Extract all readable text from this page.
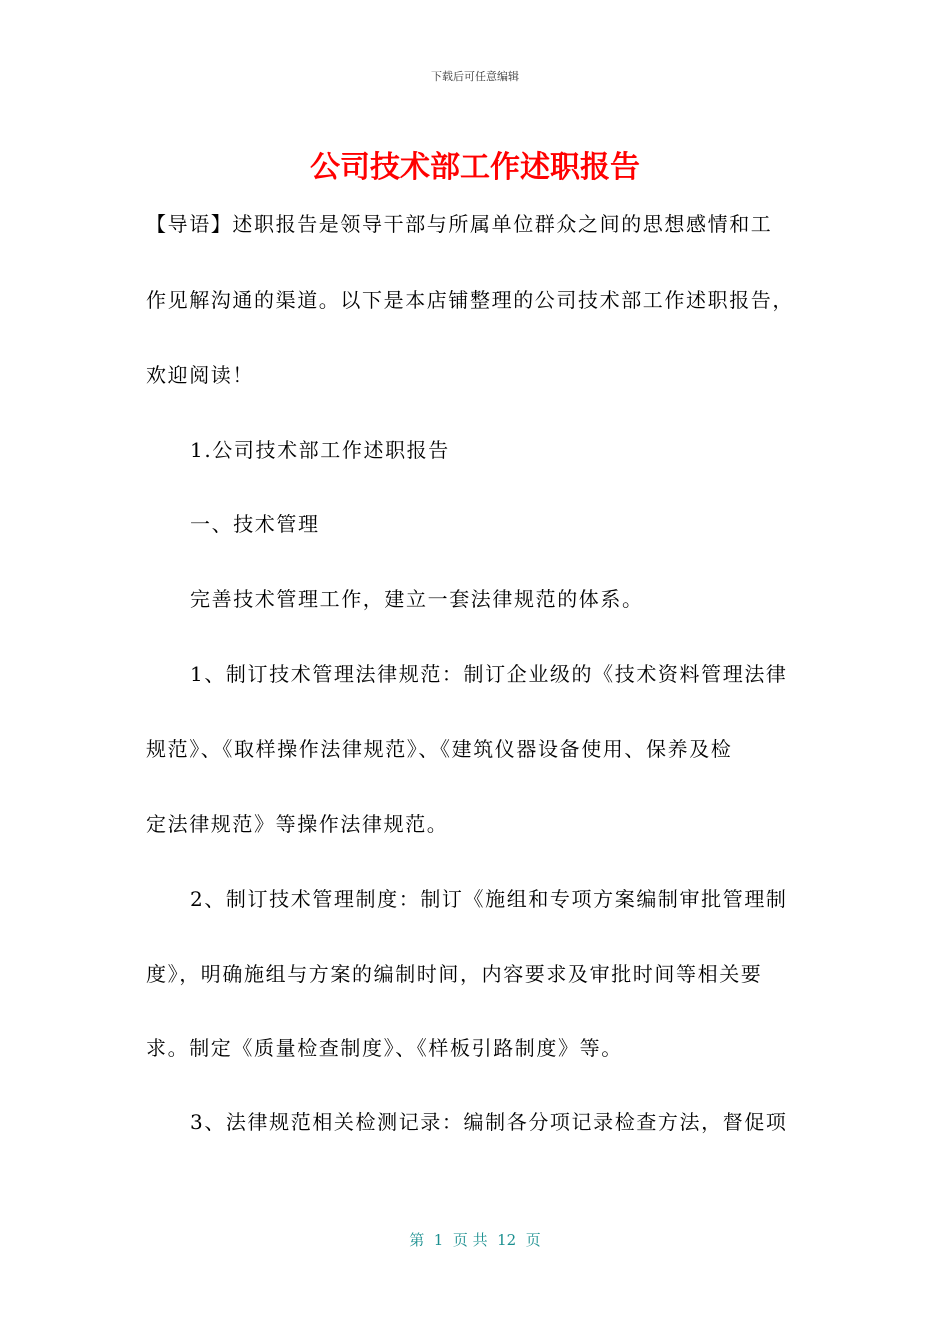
下载后可任意编辑
公司技术部工作述职报告
【导语】述职报告是领导干部与所属单位群众之间的思想感情和工
作见解沟通的渠道。以下是本店铺整理的公司技术部工作述职报告，
欢迎阅读！
1.公司技术部工作述职报告
一、技术管理
完善技术管理工作，建立一套法律规范的体系。
1、制订技术管理法律规范：制订企业级的《技术资料管理法律
规范》、《取样操作法律规范》、《建筑仪器设备使用、保养及检
定法律规范》等操作法律规范。
2、制订技术管理制度：制订《施组和专项方案编制审批管理制
度》，明确施组与方案的编制时间，内容要求及审批时间等相关要
求。制定《质量检查制度》、《样板引路制度》等。
3、法律规范相关检测记录：编制各分项记录检查方法，督促项
第  1  页 共  12  页
